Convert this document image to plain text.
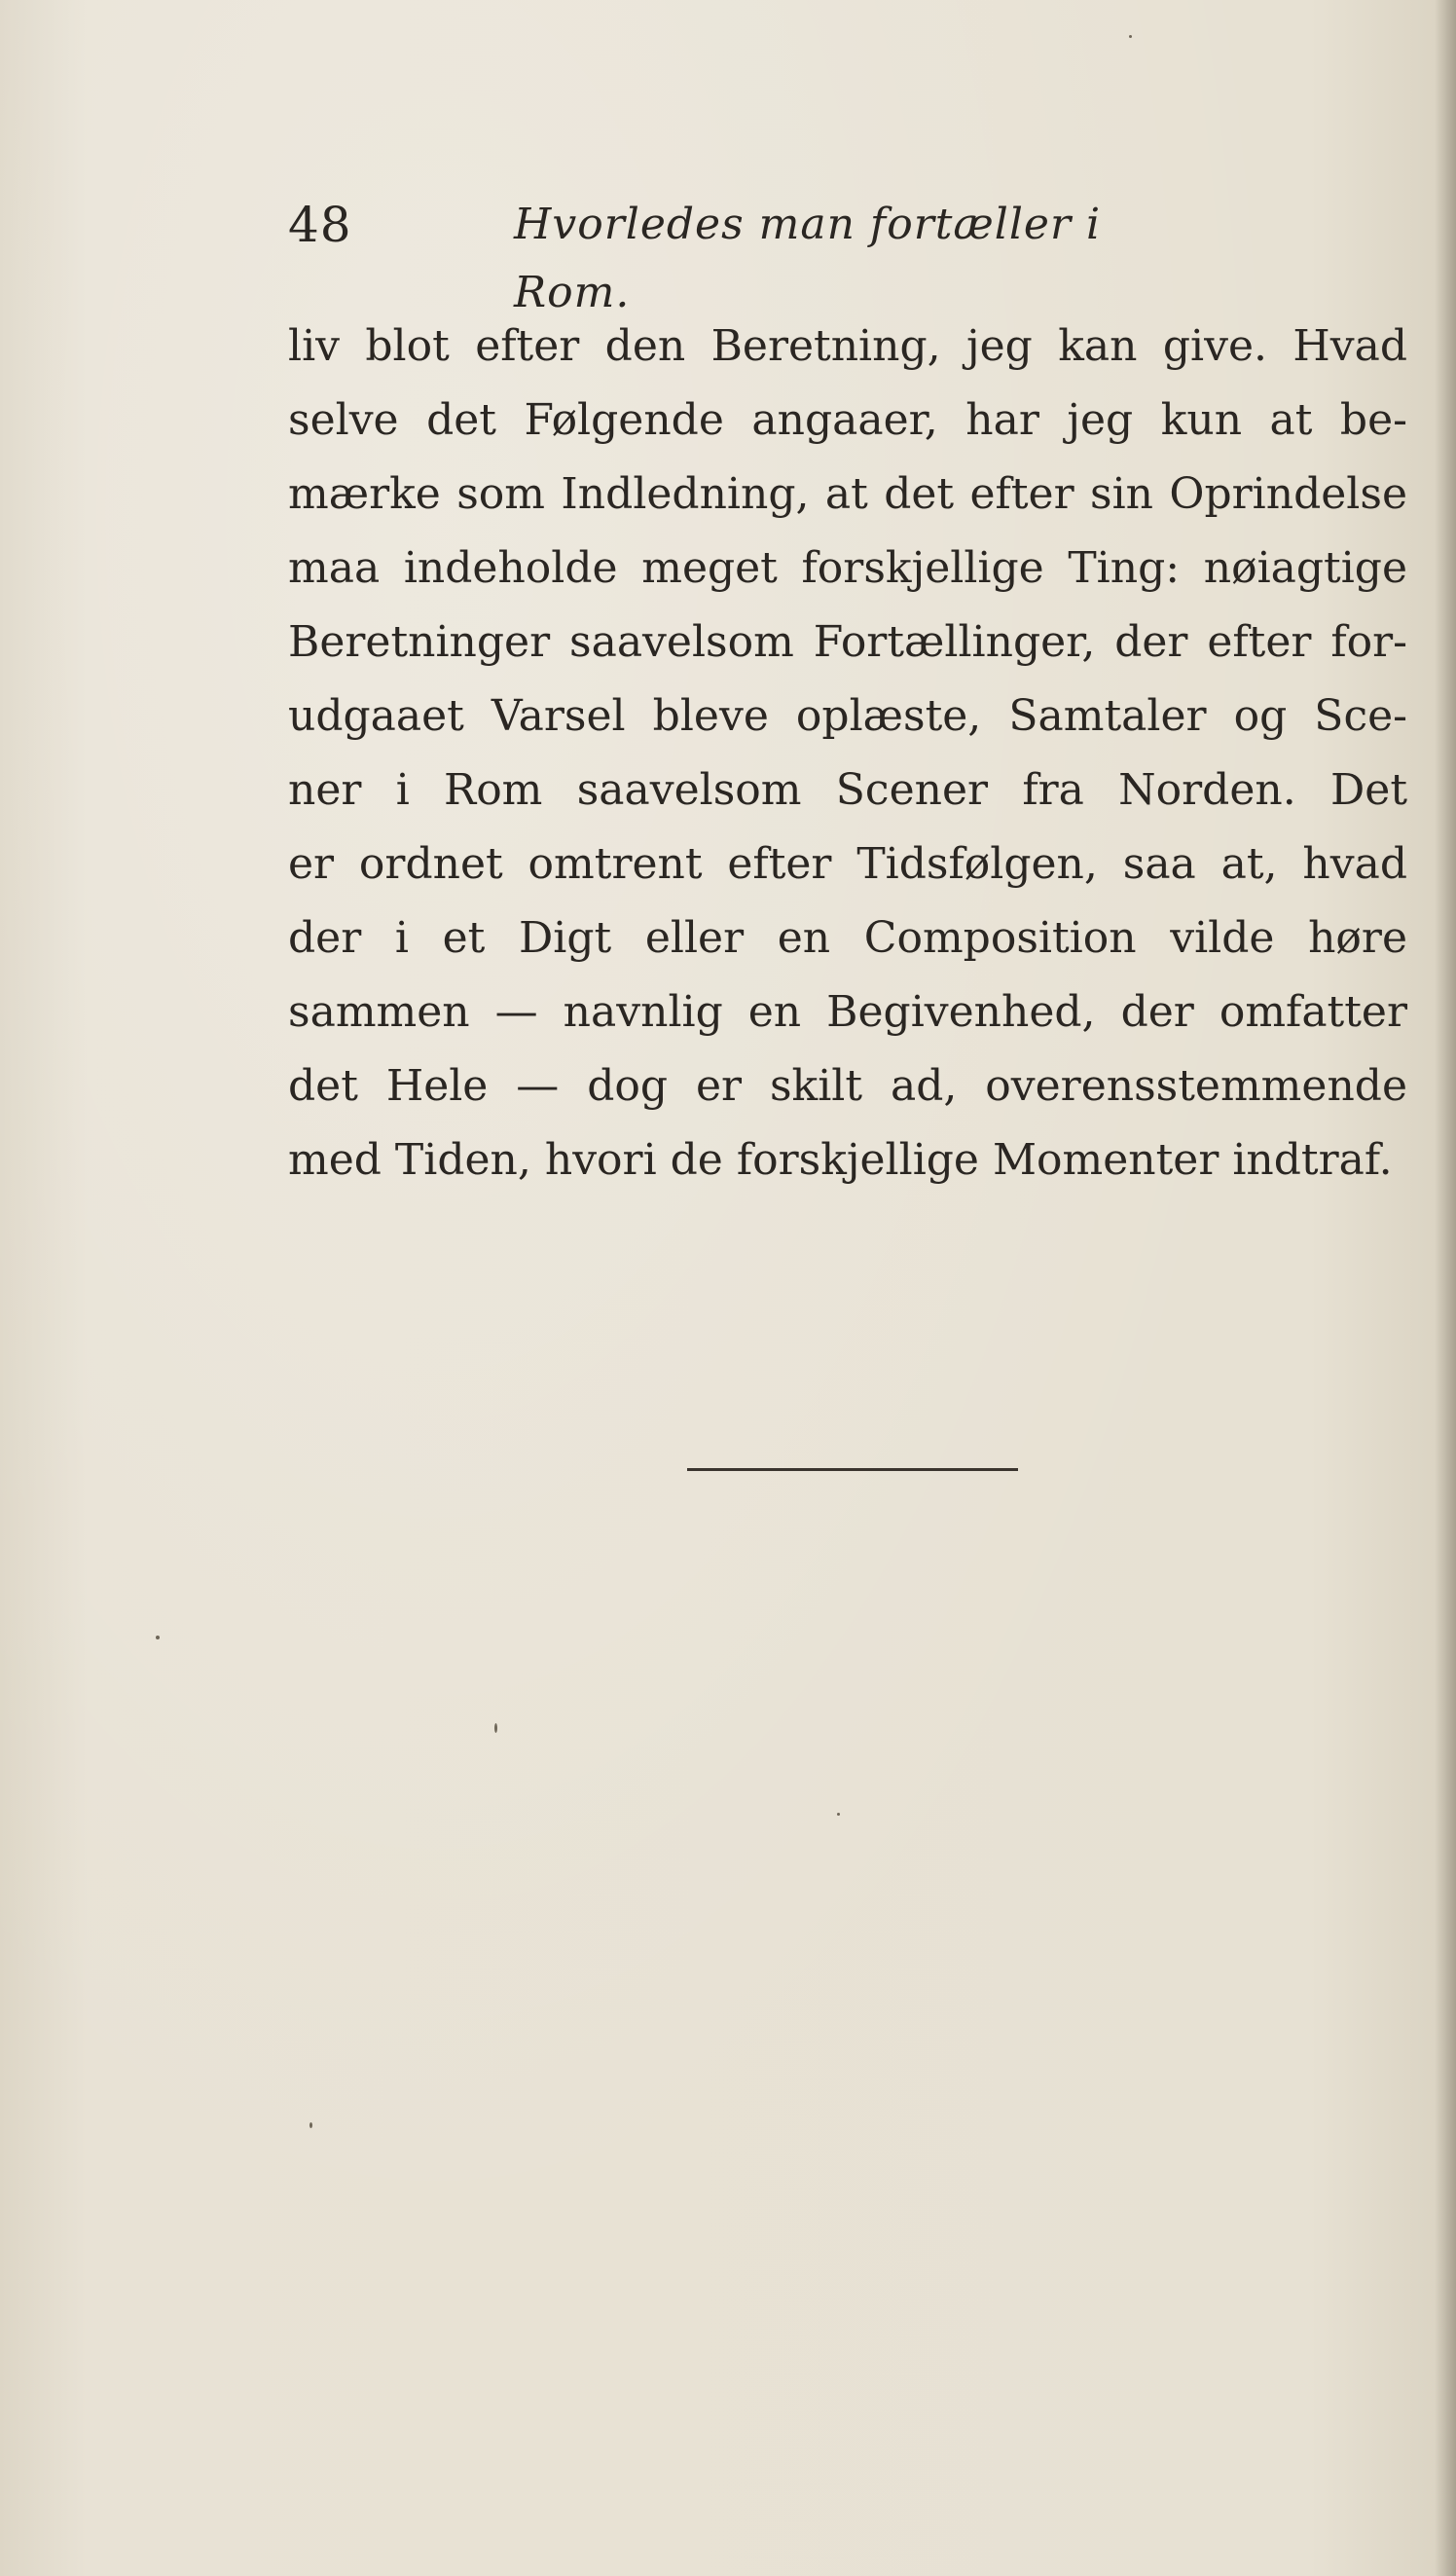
48	Hvorledes man fortæller i Rom.
liv blot efter den Beretning, jeg kan give. Hvad
selve det Følgende angaaer, har jeg kun at be-
mærke som Indledning, at det efter sin Oprindelse
maa indeholde meget forskjellige Ting: nøiagtige
Beretninger saavelsom Fortællinger, der efter for-
udgaaet Varsel bleve oplæste, Samtaler og Sce-
ner i Rom saavelsom Scener fra Norden. Det
er ordnet omtrent efter Tidsfølgen, saa at, hvad
der i et Digt eller en Composition vilde høre
sammen — navnlig en Begivenhed, der omfatter
det Hele — dog er skilt ad, overensstemmende
med Tiden, hvori de forskjellige Momenter indtraf.
